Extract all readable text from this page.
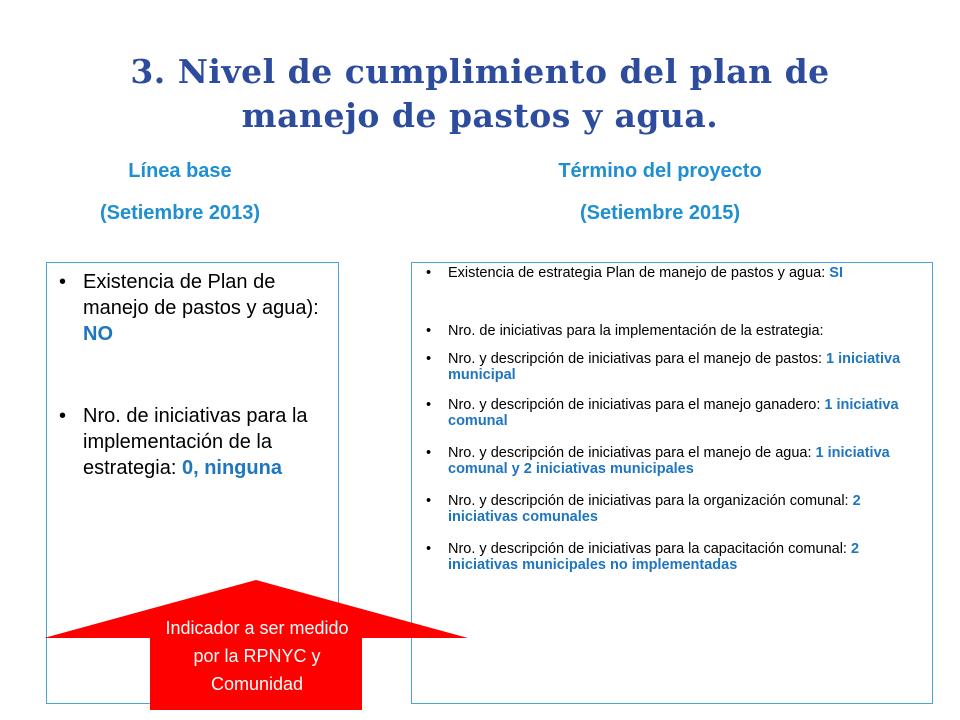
3. Nivel de cumplimiento del plan de manejo de pastos y agua.
Línea base
(Setiembre 2013)
Término del proyecto
(Setiembre 2015)
• Existencia de Plan de manejo de pastos y agua): NO
• Nro. de iniciativas para la implementación de la estrategia: 0, ninguna
• Existencia de estrategia Plan de manejo de pastos y agua: SI
• Nro. de iniciativas para la implementación de la estrategia:
• Nro. y descripción de iniciativas para el manejo de pastos: 1 iniciativa municipal
• Nro. y descripción de iniciativas para el manejo ganadero: 1 iniciativa comunal
• Nro. y descripción de iniciativas para el manejo de agua: 1 iniciativa comunal y 2 iniciativas municipales
• Nro. y descripción de iniciativas para la organización comunal: 2 iniciativas comunales
• Nro. y descripción de iniciativas para la capacitación comunal: 2 iniciativas municipales no implementadas
Indicador a ser medido por la RPNYC y Comunidad
